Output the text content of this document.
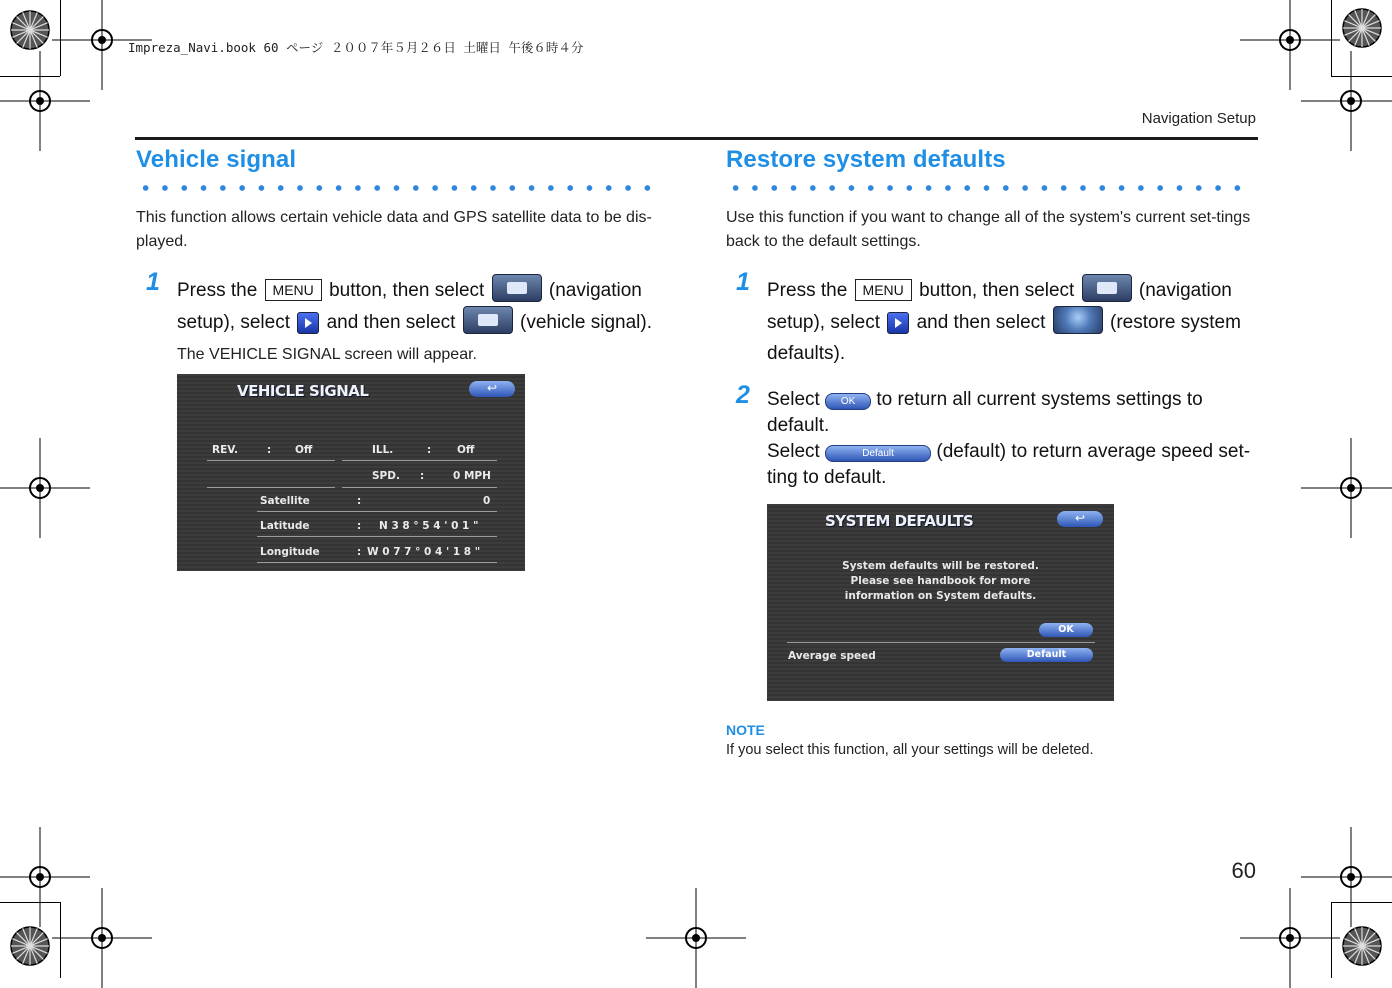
Impreza_Navi.book 60 ページ ２００７年５月２６日 土曜日 午後６時４分
Navigation Setup
Vehicle signal
This function allows certain vehicle data and GPS satellite data to be dis-played.
1 Press the MENU button, then select	(navigation setup), select and then select	(vehicle signal).
The VEHICLE SIGNAL screen will appear.
VEHICLE SIGNAL	↩
REV.	: Off	ILL.	: Off
SPD. :	0 MPH
Satellite	:	0
Latitude	: N 3 8 ° 5 4 ' 0 1 "
Longitude	: W 0 7 7 ° 0 4 ' 1 8 "
Restore system defaults
Use this function if you want to change all of the system's current set-tings back to the default settings.
1 Press the MENU button, then select	(navigation setup), select and then select	(restore system defaults).
2 Select OK to return all current systems settings to default.
Select	Default (default) to return average speed set-ting to default.
SYSTEM DEFAULTS	↩
System defaults will be restored.
Please see handbook for more
information on System defaults.
OK
Average speed	Default
NOTE
If you select this function, all your settings will be deleted.
60
